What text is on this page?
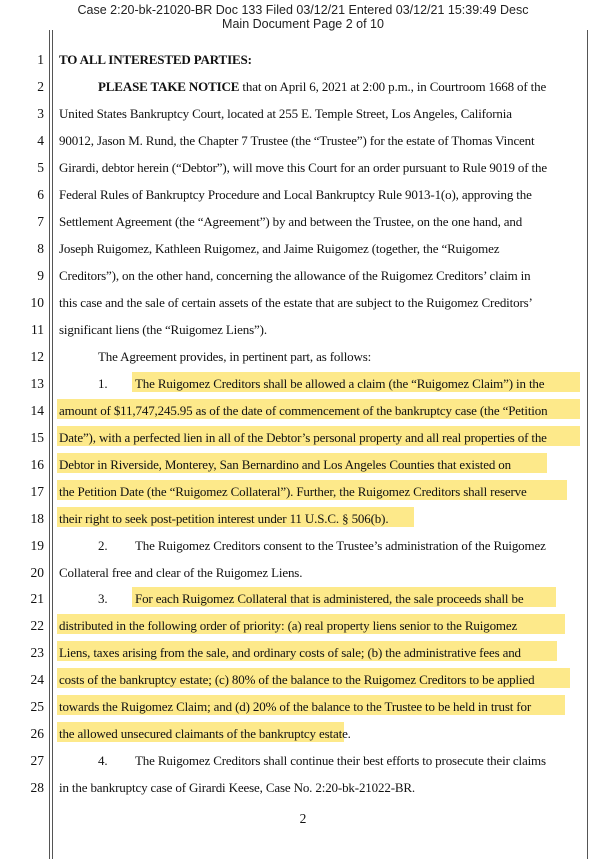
Case 2:20-bk-21020-BR Doc 133 Filed 03/12/21 Entered 03/12/21 15:39:49 Desc
Main Document Page 2 of 10
1
2
3
4
5
6
7
8
9
10
11
12
13
14
15
16
17
18
19
20
21
22
23
24
25
26
27
28
TO ALL INTERESTED PARTIES:
PLEASE TAKE NOTICE that on April 6, 2021 at 2:00 p.m., in Courtroom 1668 of the
United States Bankruptcy Court, located at 255 E. Temple Street, Los Angeles, California
90012, Jason M. Rund, the Chapter 7 Trustee (the “Trustee”) for the estate of Thomas Vincent
Girardi, debtor herein (“Debtor”), will move this Court for an order pursuant to Rule 9019 of the
Federal Rules of Bankruptcy Procedure and Local Bankruptcy Rule 9013-1(o), approving the
Settlement Agreement (the “Agreement”) by and between the Trustee, on the one hand, and
Joseph Ruigomez, Kathleen Ruigomez, and Jaime Ruigomez (together, the “Ruigomez
Creditors”), on the other hand, concerning the allowance of the Ruigomez Creditors’ claim in
this case and the sale of certain assets of the estate that are subject to the Ruigomez Creditors’
significant liens (the “Ruigomez Liens”).
The Agreement provides, in pertinent part, as follows:
1.	The Ruigomez Creditors shall be allowed a claim (the “Ruigomez Claim”) in the
amount of $11,747,245.95 as of the date of commencement of the bankruptcy case (the “Petition
Date”), with a perfected lien in all of the Debtor’s personal property and all real properties of the
Debtor in Riverside, Monterey, San Bernardino and Los Angeles Counties that existed on
the Petition Date (the “Ruigomez Collateral”). Further, the Ruigomez Creditors shall reserve
their right to seek post-petition interest under 11 U.S.C. § 506(b).
2.	The Ruigomez Creditors consent to the Trustee’s administration of the Ruigomez
Collateral free and clear of the Ruigomez Liens.
3.	For each Ruigomez Collateral that is administered, the sale proceeds shall be
distributed in the following order of priority: (a) real property liens senior to the Ruigomez
Liens, taxes arising from the sale, and ordinary costs of sale; (b) the administrative fees and
costs of the bankruptcy estate; (c) 80% of the balance to the Ruigomez Creditors to be applied
towards the Ruigomez Claim; and (d) 20% of the balance to the Trustee to be held in trust for
the allowed unsecured claimants of the bankruptcy estate.
4.	The Ruigomez Creditors shall continue their best efforts to prosecute their claims
in the bankruptcy case of Girardi Keese, Case No. 2:20-bk-21022-BR.
2
